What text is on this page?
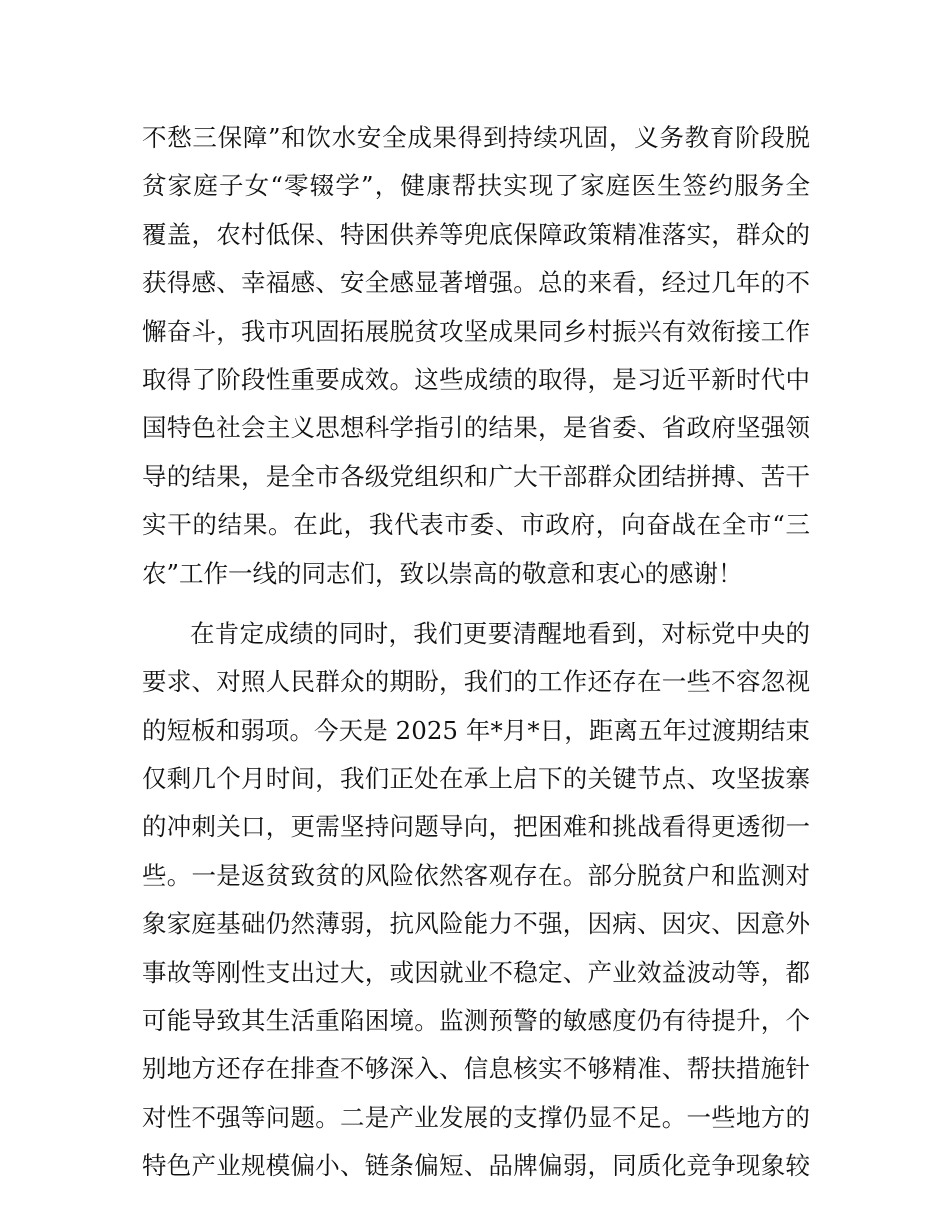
不愁三保障”和饮水安全成果得到持续巩固，义务教育阶段脱
贫家庭子女“零辍学”，健康帮扶实现了家庭医生签约服务全
覆盖，农村低保、特困供养等兜底保障政策精准落实，群众的
获得感、幸福感、安全感显著增强。总的来看，经过几年的不
懈奋斗，我市巩固拓展脱贫攻坚成果同乡村振兴有效衔接工作
取得了阶段性重要成效。这些成绩的取得，是习近平新时代中
国特色社会主义思想科学指引的结果，是省委、省政府坚强领
导的结果，是全市各级党组织和广大干部群众团结拼搏、苦干
实干的结果。在此，我代表市委、市政府，向奋战在全市“三
农”工作一线的同志们，致以崇高的敬意和衷心的感谢！
在肯定成绩的同时，我们更要清醒地看到，对标党中央的
要求、对照人民群众的期盼，我们的工作还存在一些不容忽视
的短板和弱项。今天是 2025 年*月*日，距离五年过渡期结束
仅剩几个月时间，我们正处在承上启下的关键节点、攻坚拔寨
的冲刺关口，更需坚持问题导向，把困难和挑战看得更透彻一
些。一是返贫致贫的风险依然客观存在。部分脱贫户和监测对
象家庭基础仍然薄弱，抗风险能力不强，因病、因灾、因意外
事故等刚性支出过大，或因就业不稳定、产业效益波动等，都
可能导致其生活重陷困境。监测预警的敏感度仍有待提升，个
别地方还存在排查不够深入、信息核实不够精准、帮扶措施针
对性不强等问题。二是产业发展的支撑仍显不足。一些地方的
特色产业规模偏小、链条偏短、品牌偏弱，同质化竞争现象较
